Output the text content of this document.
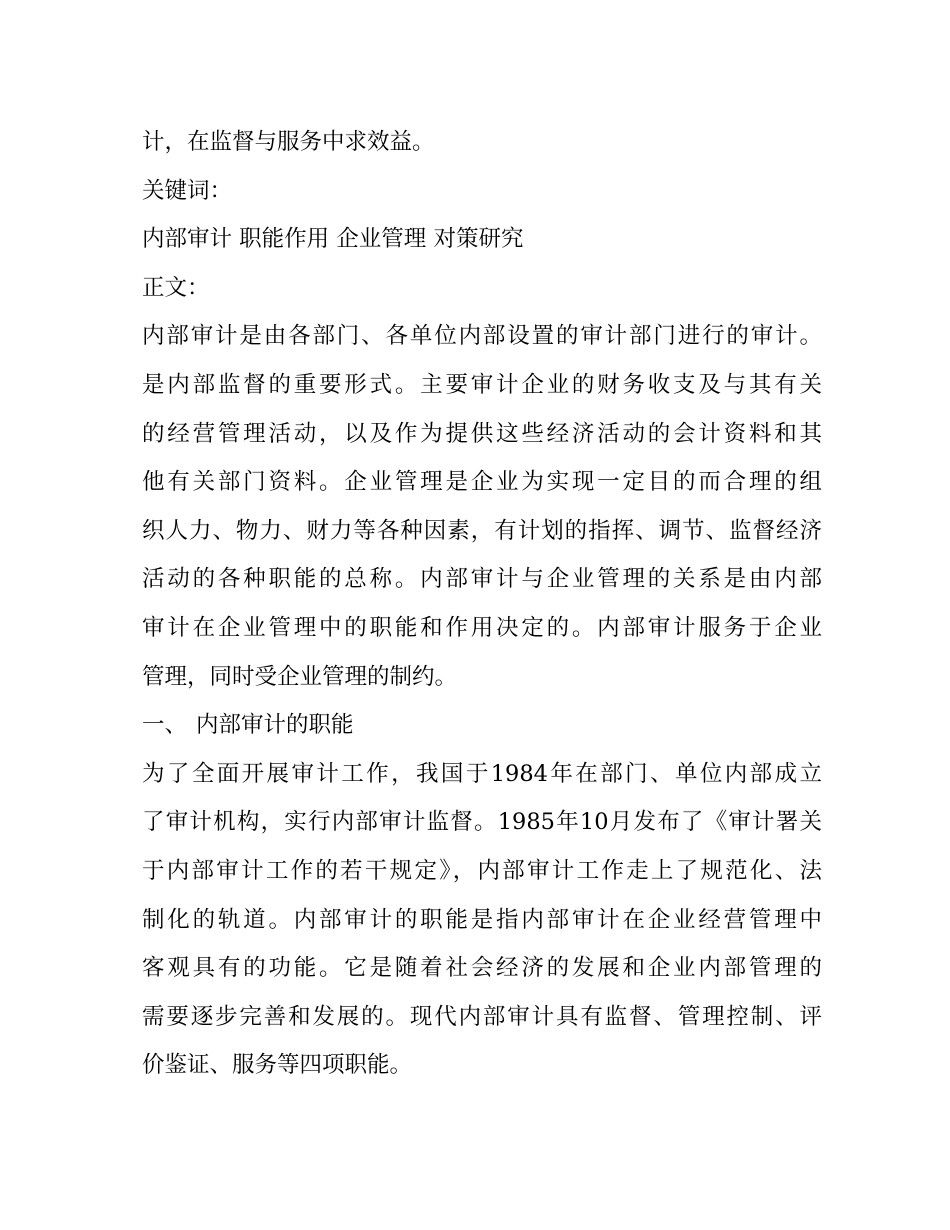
计，在监督与服务中求效益。
关键词：
内部审计 职能作用 企业管理 对策研究
正文：
内部审计是由各部门、各单位内部设置的审计部门进行的审计。
是内部监督的重要形式。主要审计企业的财务收支及与其有关
的经营管理活动，以及作为提供这些经济活动的会计资料和其
他有关部门资料。企业管理是企业为实现一定目的而合理的组
织人力、物力、财力等各种因素，有计划的指挥、调节、监督经济
活动的各种职能的总称。内部审计与企业管理的关系是由内部
审计在企业管理中的职能和作用决定的。内部审计服务于企业
管理，同时受企业管理的制约。
一、 内部审计的职能
为了全面开展审计工作，我国于1984年在部门、单位内部成立
了审计机构，实行内部审计监督。1985年10月发布了《审计署关
于内部审计工作的若干规定》，内部审计工作走上了规范化、法
制化的轨道。内部审计的职能是指内部审计在企业经营管理中
客观具有的功能。它是随着社会经济的发展和企业内部管理的
需要逐步完善和发展的。现代内部审计具有监督、管理控制、评
价鉴证、服务等四项职能。
